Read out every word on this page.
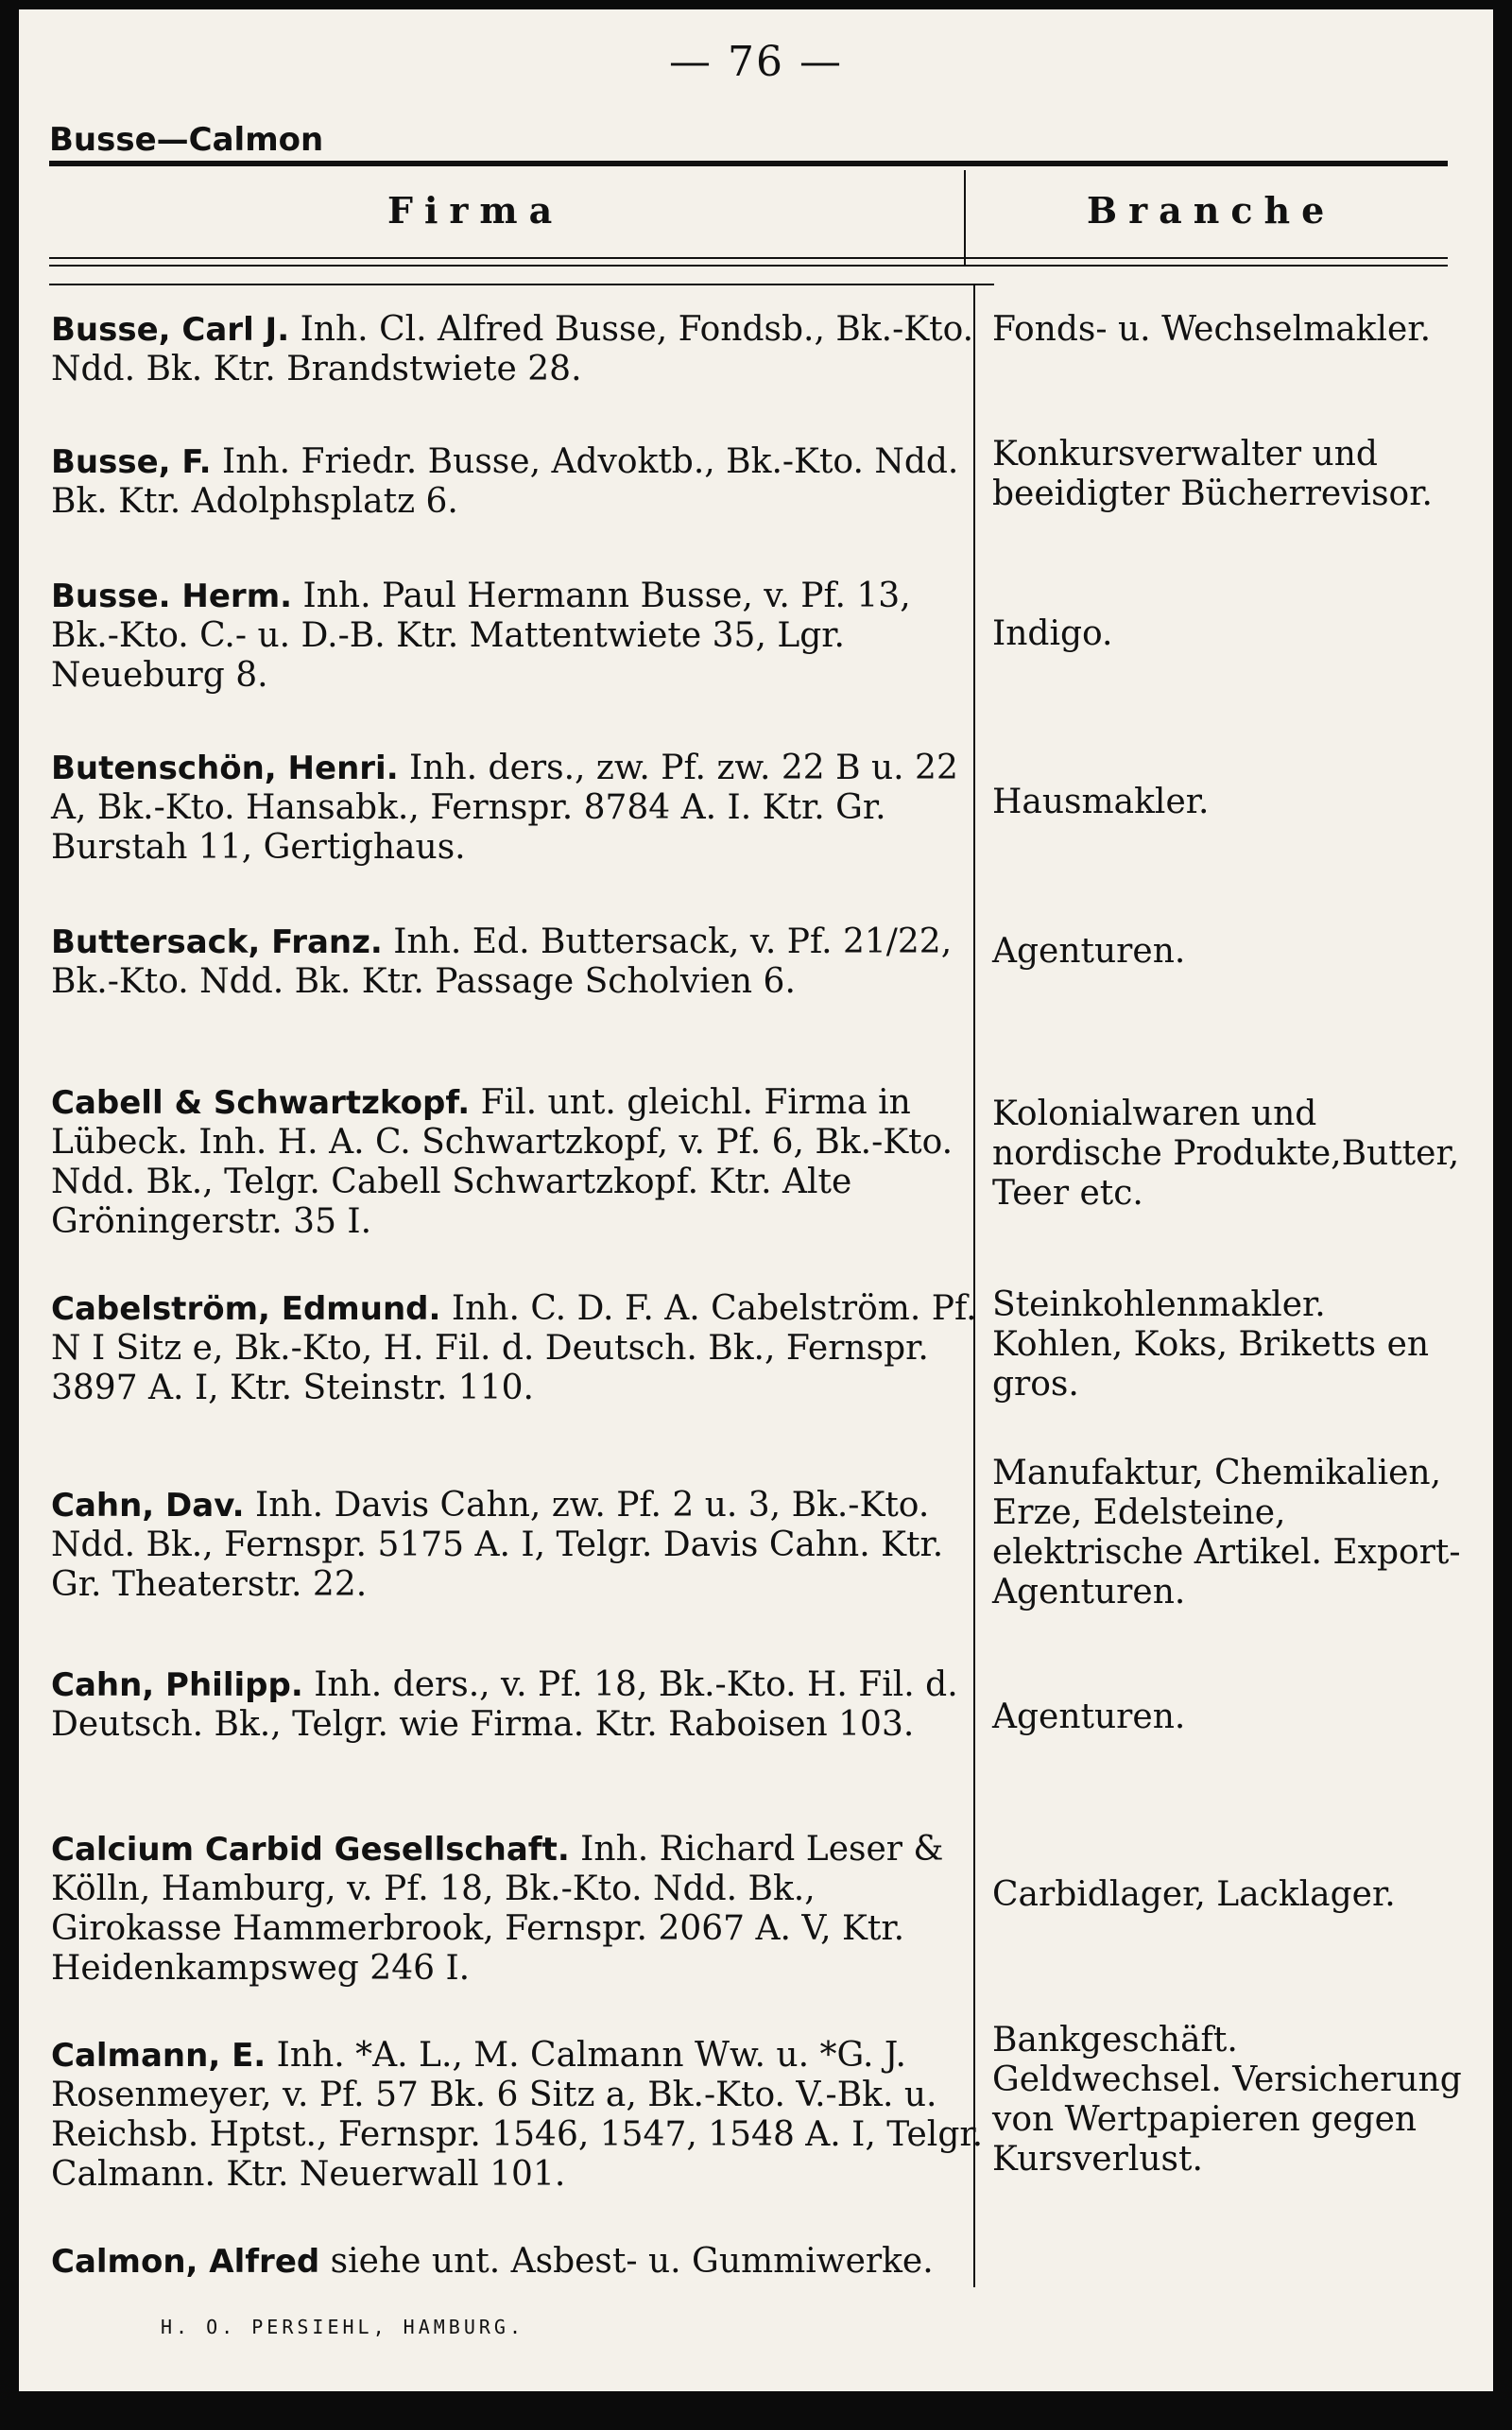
— 76 —
Busse—Calmon
Firma	Branche
Busse, Carl J. Inh. Cl. Alfred Busse, Fondsb., Bk.-Kto. Ndd. Bk. Ktr. Brandstwiete 28.
Fonds- u. Wechselmakler.
Busse, F. Inh. Friedr. Busse, Advoktb., Bk.-Kto. Ndd. Bk. Ktr. Adolphsplatz 6.
Konkursverwalter und beeidigter Bücherrevisor.
Busse. Herm. Inh. Paul Hermann Busse, v. Pf. 13, Bk.-Kto. C.- u. D.-B. Ktr. Mattentwiete 35, Lgr. Neueburg 8.
Indigo.
Butenschön, Henri. Inh. ders., zw. Pf. zw. 22 B u. 22 A, Bk.-Kto. Hansabk., Fernspr. 8784 A. I. Ktr. Gr. Burstah 11, Gertighaus.
Hausmakler.
Buttersack, Franz. Inh. Ed. Buttersack, v. Pf. 21/22, Bk.-Kto. Ndd. Bk. Ktr. Passage Scholvien 6.
Agenturen.
Cabell & Schwartzkopf. Fil. unt. gleichl. Firma in Lübeck. Inh. H. A. C. Schwartzkopf, v. Pf. 6, Bk.-Kto. Ndd. Bk., Telgr. Cabell Schwartzkopf. Ktr. Alte Gröningerstr. 35 I.
Kolonialwaren und nordische Produkte,Butter, Teer etc.
Cabelström, Edmund. Inh. C. D. F. A. Cabelström. Pf. N I Sitz e, Bk.-Kto, H. Fil. d. Deutsch. Bk., Fernspr. 3897 A. I, Ktr. Steinstr. 110.
Steinkohlenmakler. Kohlen, Koks, Briketts en gros.
Cahn, Dav. Inh. Davis Cahn, zw. Pf. 2 u. 3, Bk.-Kto. Ndd. Bk., Fernspr. 5175 A. I, Telgr. Davis Cahn. Ktr. Gr. Theaterstr. 22.
Manufaktur, Chemikalien, Erze, Edelsteine, elektrische Artikel. Export-Agenturen.
Cahn, Philipp. Inh. ders., v. Pf. 18, Bk.-Kto. H. Fil. d. Deutsch. Bk., Telgr. wie Firma. Ktr. Raboisen 103.	Agenturen.
Calcium Carbid Gesellschaft. Inh. Richard Leser & Kölln, Hamburg, v. Pf. 18, Bk.-Kto. Ndd. Bk., Girokasse Hammerbrook, Fernspr. 2067 A. V, Ktr. Heidenkampsweg 246 I.
Carbidlager, Lacklager.
Calmann, E. Inh. *A. L., M. Calmann Ww. u. *G. J. Rosenmeyer, v. Pf. 57 Bk. 6 Sitz a, Bk.-Kto. V.-Bk. u. Reichsb. Hptst., Fernspr. 1546, 1547, 1548 A. I, Telgr. Calmann. Ktr. Neuerwall 101.
Bankgeschäft. Geldwechsel. Versicherung von Wertpapieren gegen Kursverlust.
Calmon, Alfred siehe unt. Asbest- u. Gummiwerke.
H. O. PERSIEHL, HAMBURG.
